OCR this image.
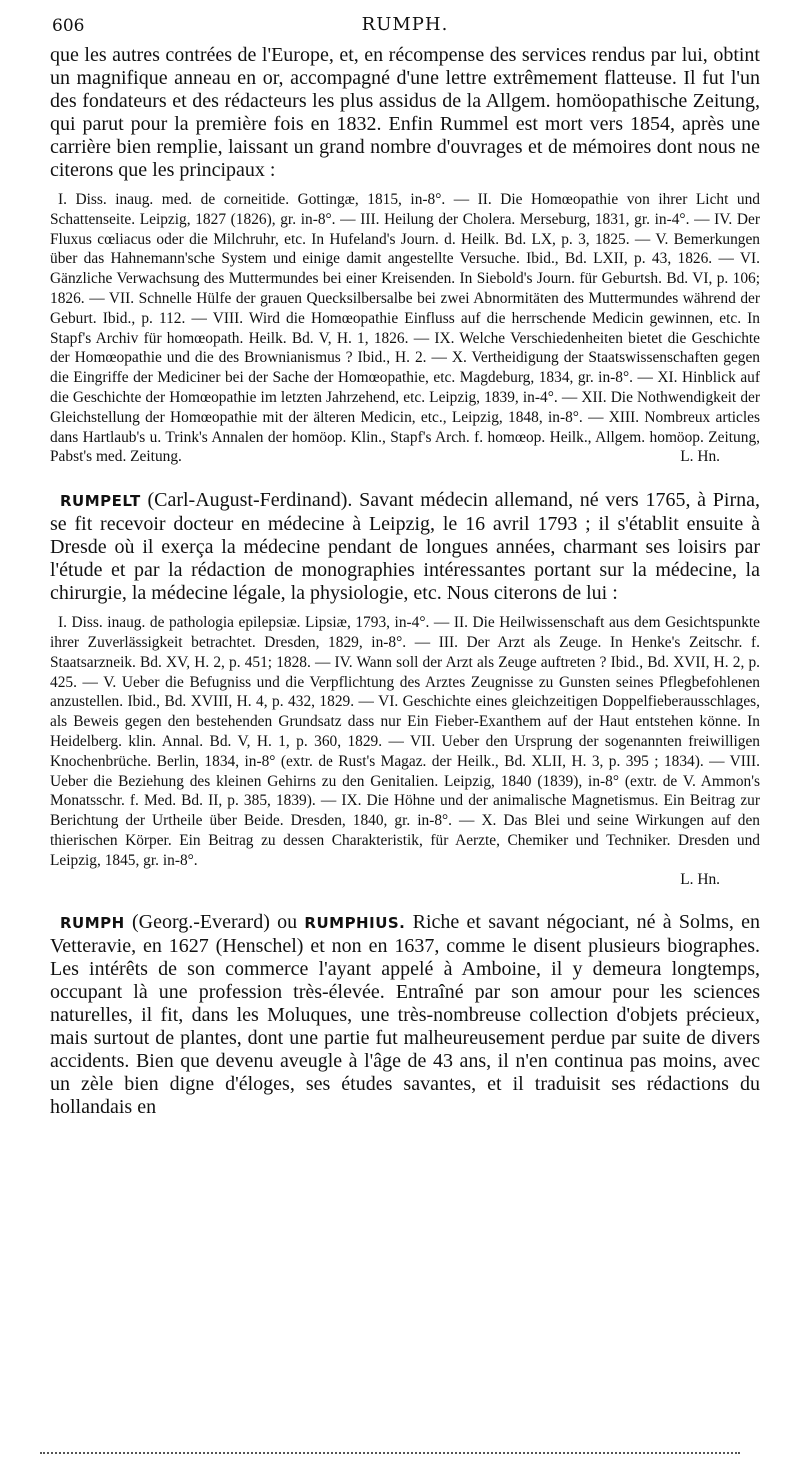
606	RUMPH.

que les autres contrées de l'Europe, et, en récompense des services rendus par lui, obtint un magnifique anneau en or, accompagné d'une lettre extrêmement flatteuse. Il fut l'un des fondateurs et des rédacteurs les plus assidus de la Allgem. homöopathische Zeitung, qui parut pour la première fois en 1832. Enfin Rummel est mort vers 1854, après une carrière bien remplie, laissant un grand nombre d'ouvrages et de mémoires dont nous ne citerons que les principaux :

I. Diss. inaug. med. de corneitide. Gottingæ, 1815, in-8°. — II. Die Homœopathie von ihrer Licht und Schattenseite. Leipzig, 1827 (1826), gr. in-8°. — III. Heilung der Cholera. Merseburg, 1831, gr. in-4°. — IV. Der Fluxus cœliacus oder die Milchruhr, etc. In Hufeland's Journ. d. Heilk. Bd. LX, p. 3, 1825. — V. Bemerkungen über das Hahnemann'sche System und einige damit angestellte Versuche. Ibid., Bd. LXII, p. 43, 1826. — VI. Gänzliche Verwachsung des Muttermundes bei einer Kreisenden. In Siebold's Journ. für Geburtsh. Bd. VI, p. 106; 1826. — VII. Schnelle Hülfe der grauen Quecksilbersalbe bei zwei Abnormitäten des Muttermundes während der Geburt. Ibid., p. 112. — VIII. Wird die Homœopathie Einfluss auf die herrschende Medicin gewinnen, etc. In Stapf's Archiv für homœopath. Heilk. Bd. V, H. 1, 1826. — IX. Welche Verschiedenheiten bietet die Geschichte der Homœopathie und die des Brownianismus ? Ibid., H. 2. — X. Vertheidigung der Staatswissenschaften gegen die Eingriffe der Mediciner bei der Sache der Homœopathie, etc. Magdeburg, 1834, gr. in-8°. — XI. Hinblick auf die Geschichte der Homœopathie im letzten Jahrzehend, etc. Leipzig, 1839, in-4°. — XII. Die Nothwendigkeit der Gleichstellung der Homœopathie mit der älteren Medicin, etc., Leipzig, 1848, in-8°. — XIII. Nombreux articles dans Hartlaub's u. Trink's Annalen der homöop. Klin., Stapf's Arch. f. homœop. Heilk., Allgem. homöop. Zeitung, Pabst's med. Zeitung.	L. Hn.

RUMPELT (Carl-August-Ferdinand). Savant médecin allemand, né vers 1765, à Pirna, se fit recevoir docteur en médecine à Leipzig, le 16 avril 1793 ; il s'établit ensuite à Dresde où il exerça la médecine pendant de longues années, charmant ses loisirs par l'étude et par la rédaction de monographies intéressantes portant sur la médecine, la chirurgie, la médecine légale, la physiologie, etc. Nous citerons de lui :

I. Diss. inaug. de pathologia epilepsiæ. Lipsiæ, 1793, in-4°. — II. Die Heilwissenschaft aus dem Gesichtspunkte ihrer Zuverlässigkeit betrachtet. Dresden, 1829, in-8°. — III. Der Arzt als Zeuge. In Henke's Zeitschr. f. Staatsarzneik. Bd. XV, H. 2, p. 451; 1828. — IV. Wann soll der Arzt als Zeuge auftreten ? Ibid., Bd. XVII, H. 2, p. 425. — V. Ueber die Befugniss und die Verpflichtung des Arztes Zeugnisse zu Gunsten seines Pflegbefohlenen anzustellen. Ibid., Bd. XVIII, H. 4, p. 432, 1829. — VI. Geschichte eines gleichzeitigen Doppelfieberausschlages, als Beweis gegen den bestehenden Grundsatz dass nur Ein Fieber-Exanthem auf der Haut entstehen könne. In Heidelberg. klin. Annal. Bd. V, H. 1, p. 360, 1829. — VII. Ueber den Ursprung der sogenannten freiwilligen Knochenbrüche. Berlin, 1834, in-8° (extr. de Rust's Magaz. der Heilk., Bd. XLII, H. 3, p. 395 ; 1834). — VIII. Ueber die Beziehung des kleinen Gehirns zu den Genitalien. Leipzig, 1840 (1839), in-8° (extr. de V. Ammon's Monatsschr. f. Med. Bd. II, p. 385, 1839). — IX. Die Höhne und der animalische Magnetismus. Ein Beitrag zur Berichtung der Urtheile über Beide. Dresden, 1840, gr. in-8°. — X. Das Blei und seine Wirkungen auf den thierischen Körper. Ein Beitrag zu dessen Charakteristik, für Aerzte, Chemiker und Techniker. Dresden und Leipzig, 1845, gr. in-8°.

L. Hn.

RUMPH (Georg.-Everard) ou RUMPHIUS. Riche et savant négociant, né à Solms, en Vetteravie, en 1627 (Henschel) et non en 1637, comme le disent plusieurs biographes. Les intérêts de son commerce l'ayant appelé à Amboine, il y demeura longtemps, occupant là une profession très-élevée. Entraîné par son amour pour les sciences naturelles, il fit, dans les Moluques, une très-nombreuse collection d'objets précieux, mais surtout de plantes, dont une partie fut malheureusement perdue par suite de divers accidents. Bien que devenu aveugle à l'âge de 43 ans, il n'en continua pas moins, avec un zèle bien digne d'éloges, ses études savantes, et il traduisit ses rédactions du hollandais en
